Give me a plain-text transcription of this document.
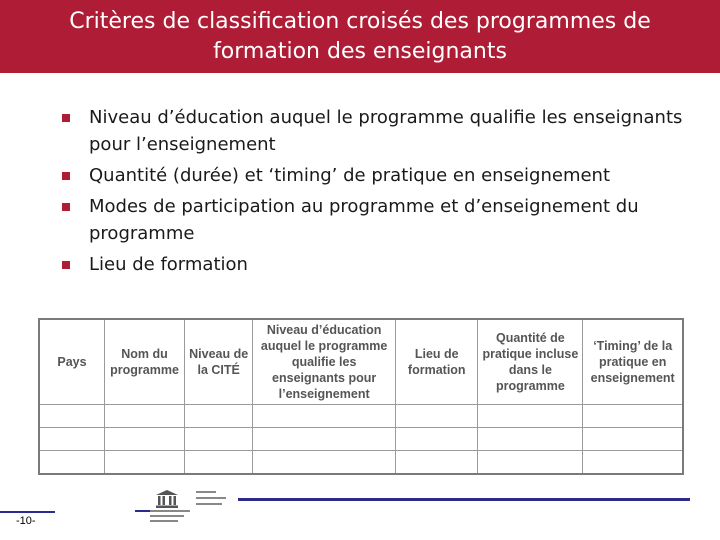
Critères de classification croisés des programmes de formation des enseignants
Niveau d’éducation auquel le programme qualifie les enseignants pour l’enseignement
Quantité (durée) et ‘timing’ de pratique en enseignement
Modes de participation au programme et d’enseignement du programme
Lieu de formation
Pays	Nom du programme	Niveau de la CITÉ	Niveau d’éducation auquel le programme qualifie les enseignants pour l’enseignement	Lieu de formation	Quantité de pratique incluse dans le programme	‘Timing’ de la pratique en enseignement

-10-
